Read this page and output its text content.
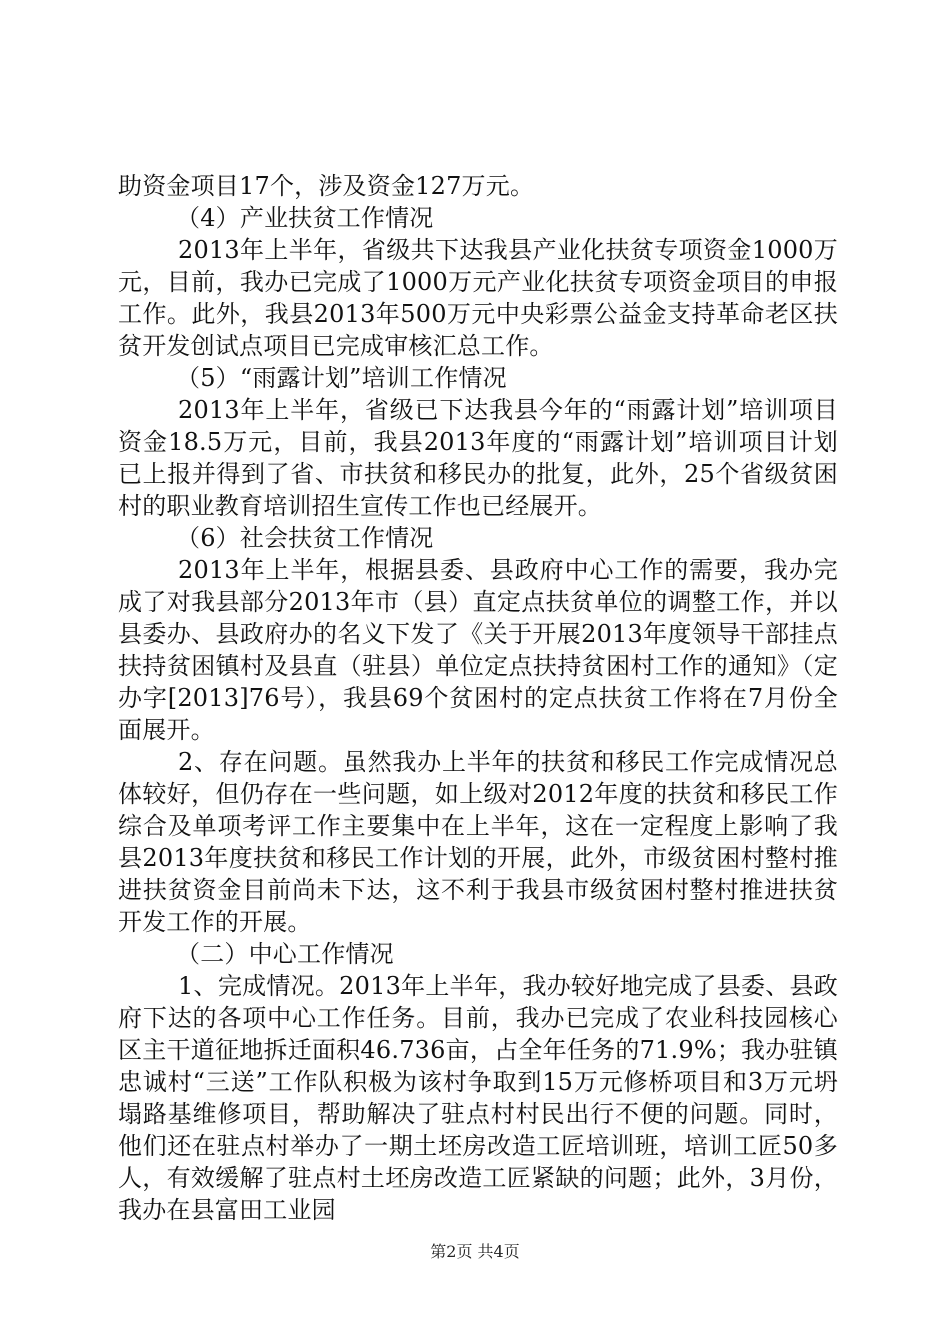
助资金项目17个，涉及资金127万元。

（4）产业扶贫工作情况

2013年上半年，省级共下达我县产业化扶贫专项资金1000万元，目前，我办已完成了1000万元产业化扶贫专项资金项目的申报工作。此外，我县2013年500万元中央彩票公益金支持革命老区扶贫开发创试点项目已完成审核汇总工作。

（5）“雨露计划”培训工作情况

2013年上半年，省级已下达我县今年的“雨露计划”培训项目资金18.5万元，目前，我县2013年度的“雨露计划”培训项目计划已上报并得到了省、市扶贫和移民办的批复，此外，25个省级贫困村的职业教育培训招生宣传工作也已经展开。

（6）社会扶贫工作情况

2013年上半年，根据县委、县政府中心工作的需要，我办完成了对我县部分2013年市（县）直定点扶贫单位的调整工作，并以县委办、县政府办的名义下发了《关于开展2013年度领导干部挂点扶持贫困镇村及县直（驻县）单位定点扶持贫困村工作的通知》（定办字[2013]76号），我县69个贫困村的定点扶贫工作将在7月份全面展开。

2、存在问题。虽然我办上半年的扶贫和移民工作完成情况总体较好，但仍存在一些问题，如上级对2012年度的扶贫和移民工作综合及单项考评工作主要集中在上半年，这在一定程度上影响了我县2013年度扶贫和移民工作计划的开展，此外，市级贫困村整村推进扶贫资金目前尚未下达，这不利于我县市级贫困村整村推进扶贫开发工作的开展。

（二）中心工作情况

1、完成情况。2013年上半年，我办较好地完成了县委、县政府下达的各项中心工作任务。目前，我办已完成了农业科技园核心区主干道征地拆迁面积46.736亩，占全年任务的71.9%；我办驻镇忠诚村“三送”工作队积极为该村争取到15万元修桥项目和3万元坍塌路基维修项目，帮助解决了驻点村村民出行不便的问题。同时，他们还在驻点村举办了一期土坯房改造工匠培训班，培训工匠50多人，有效缓解了驻点村土坯房改造工匠紧缺的问题；此外，3月份，我办在县富田工业园

第2页 共4页
